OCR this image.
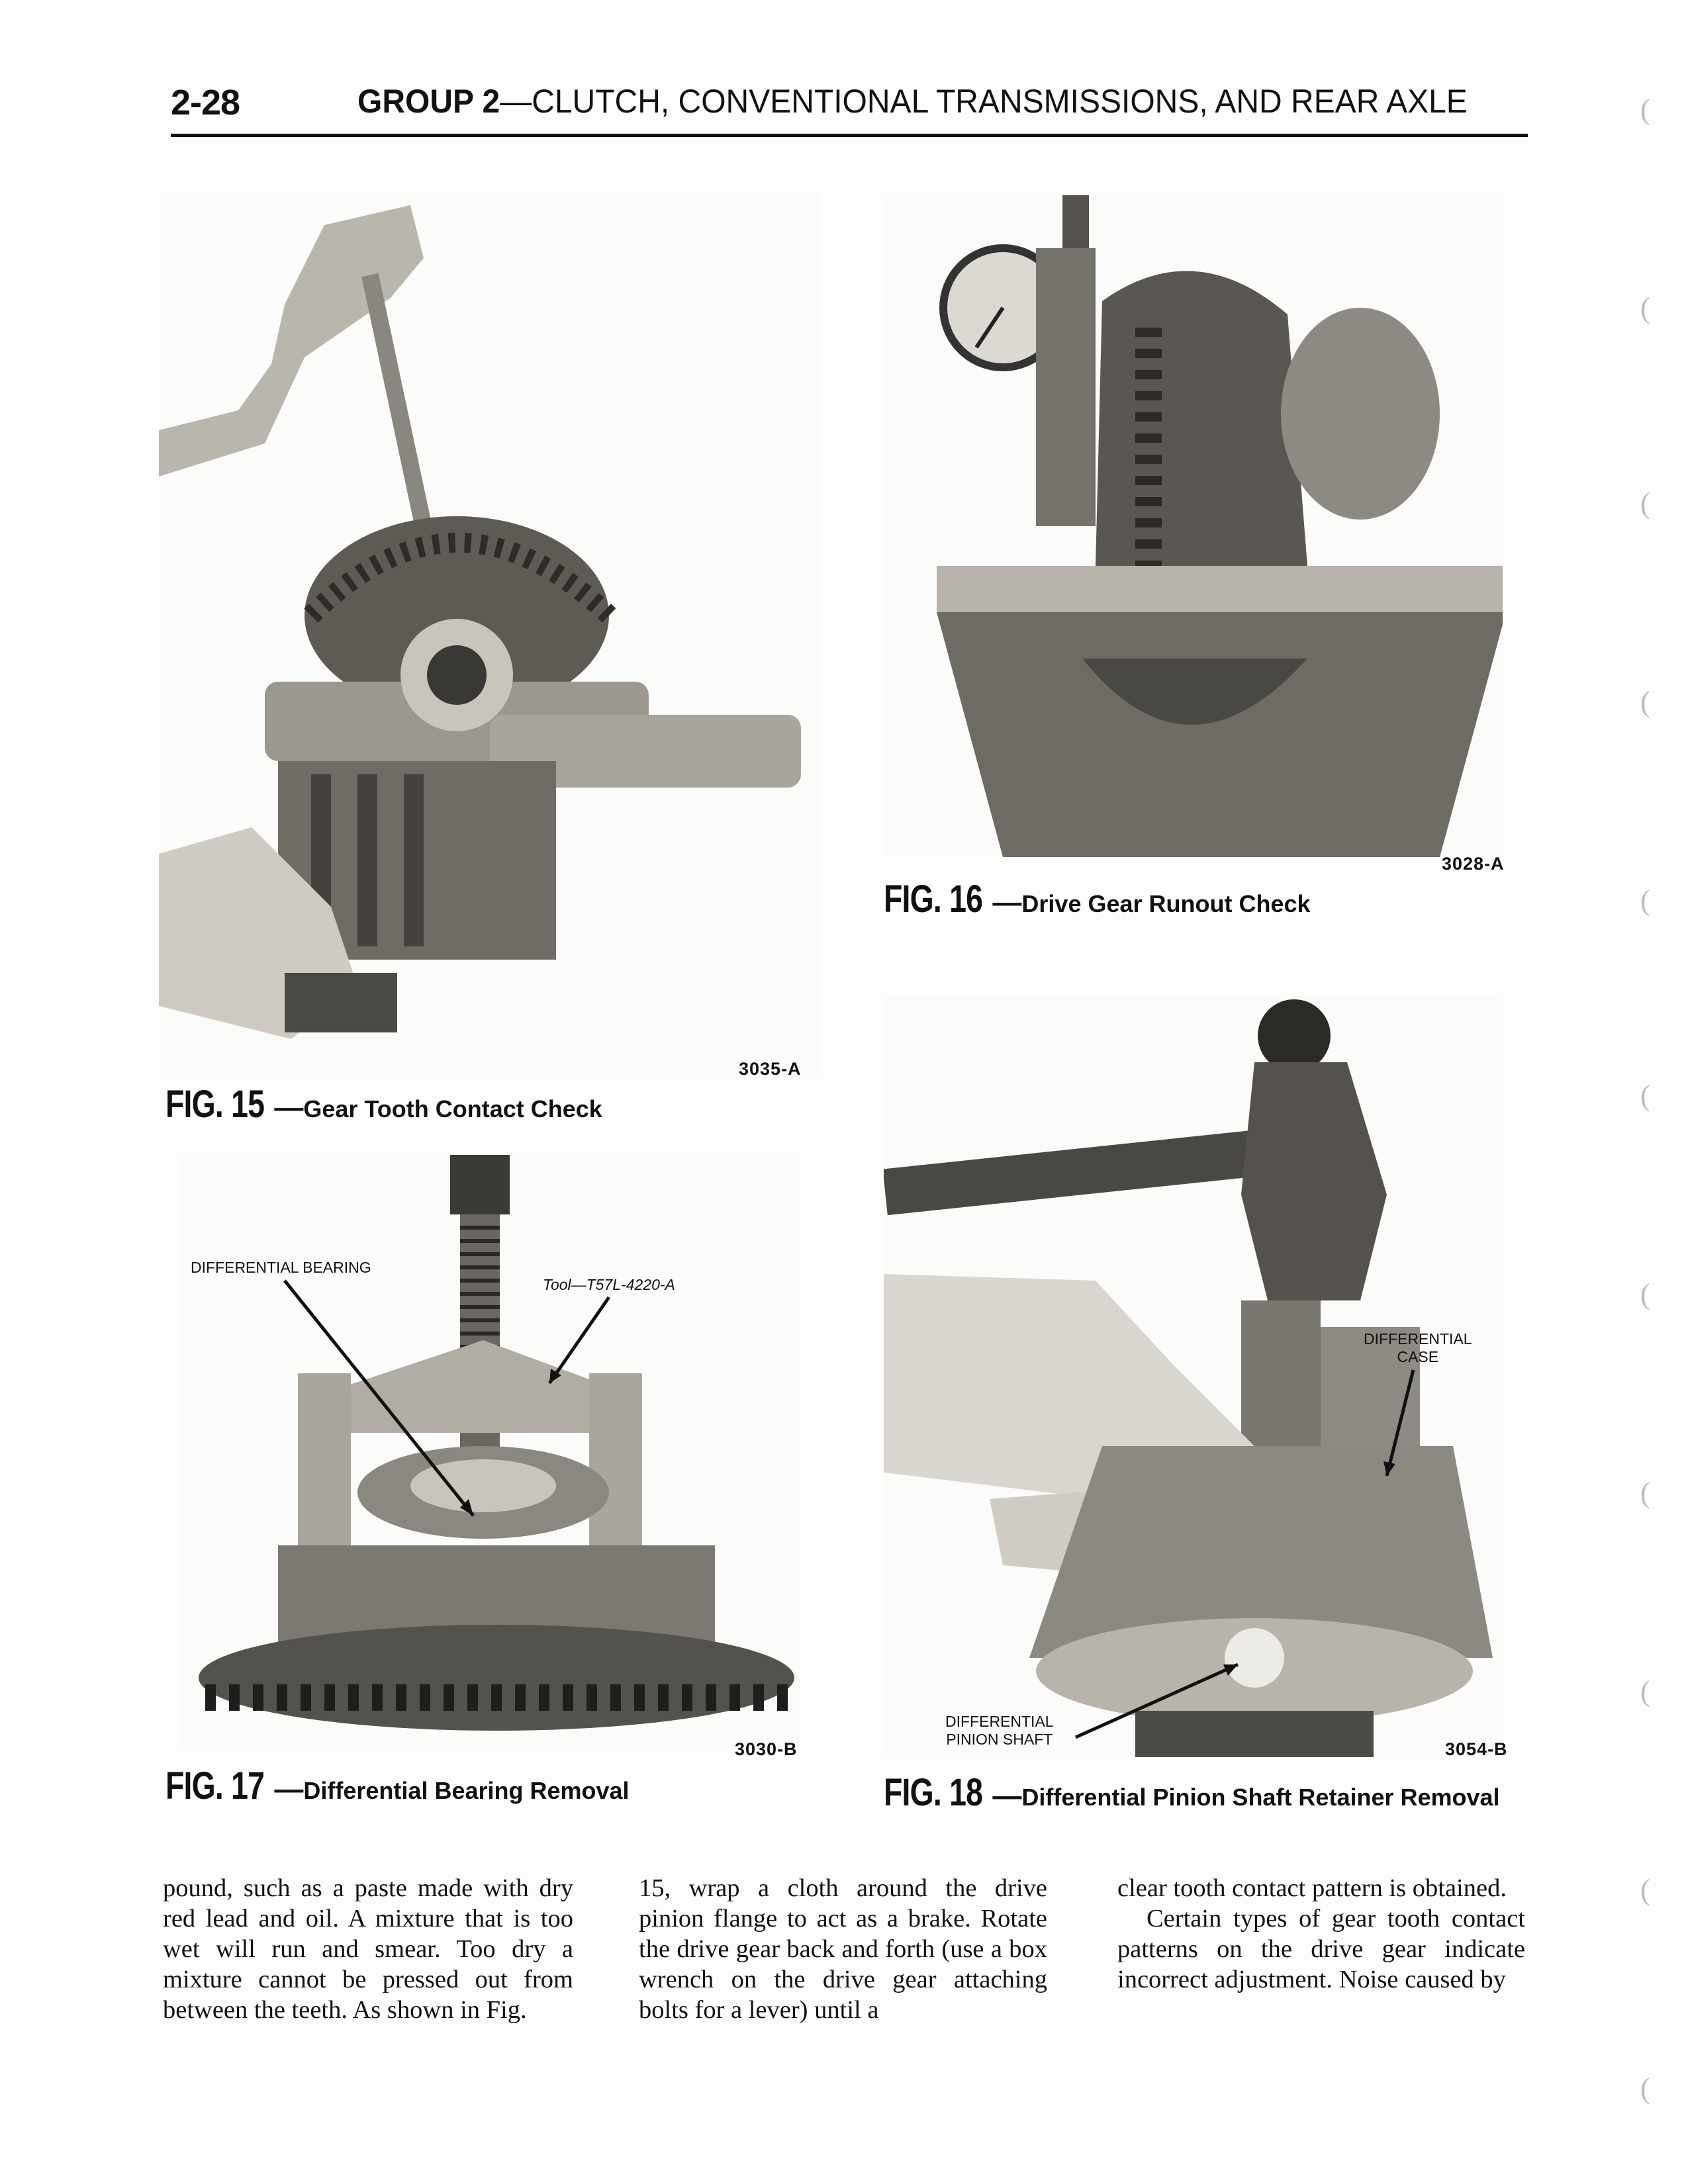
2-28	GROUP 2—CLUTCH, CONVENTIONAL TRANSMISSIONS, AND REAR AXLE
3035-A
FIG. 15 —Gear Tooth Contact Check
3028-A
FIG. 16 —Drive Gear Runout Check
DIFFERENTIAL BEARING
Tool—T57L-4220-A
3030-B
FIG. 17 —Differential Bearing Removal
DIFFERENTIAL
CASE
DIFFERENTIAL
PINION SHAFT	3054-B
FIG. 18 —Differential Pinion Shaft Retainer Removal

pound, such as a paste made with dry red lead and oil. A mixture that is too wet will run and smear. Too dry a mixture cannot be pressed out from between the teeth. As shown in Fig.

15, wrap a cloth around the drive pinion flange to act as a brake. Rotate the drive gear back and forth (use a box wrench on the drive gear attaching bolts for a lever) until a

clear tooth contact pattern is obtained.

Certain types of gear tooth contact patterns on the drive gear indicate incorrect adjustment. Noise caused by

(
(
(
(
(
(
(
(
(
(
(
